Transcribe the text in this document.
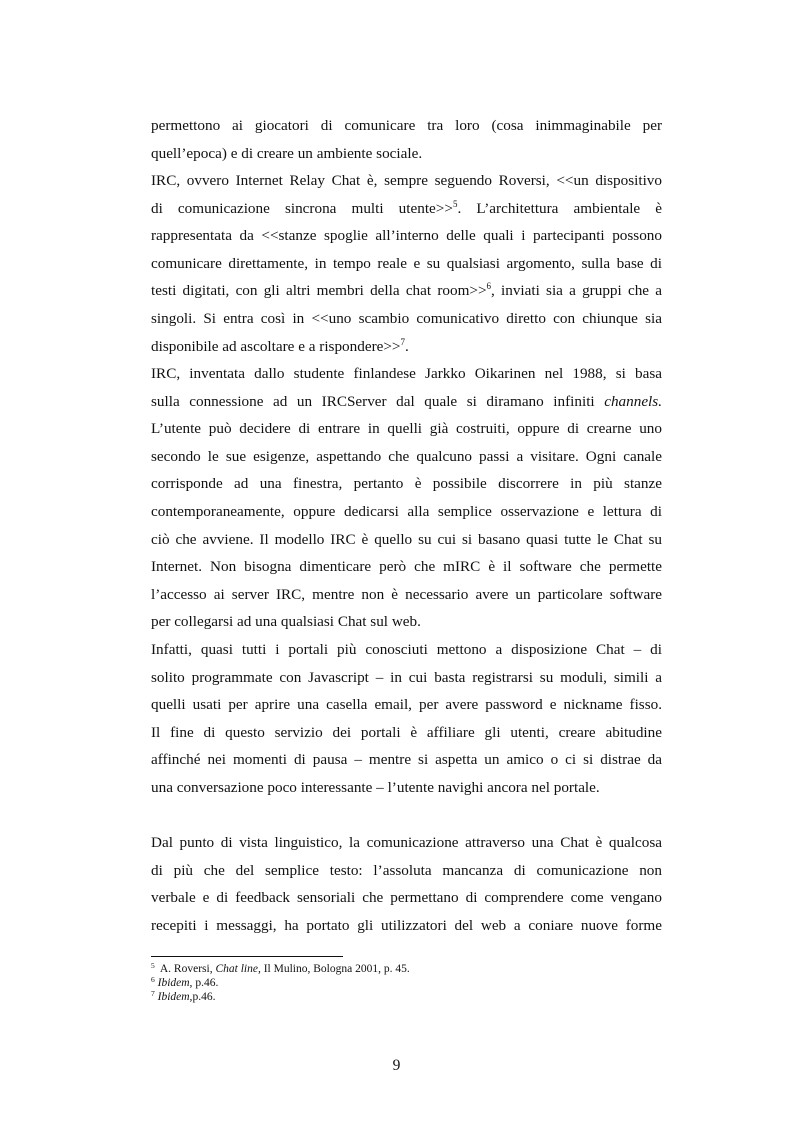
permettono ai giocatori di comunicare tra loro (cosa inimmaginabile per
quell’epoca) e di creare un ambiente sociale.

IRC, ovvero Internet Relay Chat è, sempre seguendo Roversi, <<un dispositivo
di comunicazione sincrona multi utente>>$^5$. L’architettura ambientale è
rappresentata da <<stanze spoglie all’interno delle quali i partecipanti possono
comunicare direttamente, in tempo reale e su qualsiasi argomento, sulla base di
testi digitati, con gli altri membri della chat room>>$^6$, inviati sia a gruppi che a
singoli. Si entra così in <<uno scambio comunicativo diretto con chiunque sia
disponibile ad ascoltare e a rispondere>>$^7$.

IRC, inventata dallo studente finlandese Jarkko Oikarinen nel 1988, si basa
sulla connessione ad un IRCServer dal quale si diramano infiniti channels.
L’utente può decidere di entrare in quelli già costruiti, oppure di crearne uno
secondo le sue esigenze, aspettando che qualcuno passi a visitare. Ogni canale
corrisponde ad una finestra, pertanto è possibile discorrere in più stanze
contemporaneamente, oppure dedicarsi alla semplice osservazione e lettura di
ciò che avviene. Il modello IRC è quello su cui si basano quasi tutte le Chat su
Internet. Non bisogna dimenticare però che mIRC è il software che permette
l’accesso ai server IRC, mentre non è necessario avere un particolare software
per collegarsi ad una qualsiasi Chat sul web.

Infatti, quasi tutti i portali più conosciuti mettono a disposizione Chat – di
solito programmate con Javascript – in cui basta registrarsi su moduli, simili a
quelli usati per aprire una casella email, per avere password e nickname fisso.
Il fine di questo servizio dei portali è affiliare gli utenti, creare abitudine
affinché nei momenti di pausa – mentre si aspetta un amico o ci si distrae da
una conversazione poco interessante – l’utente navighi ancora nel portale.

Dal punto di vista linguistico, la comunicazione attraverso una Chat è qualcosa
di più che del semplice testo: l’assoluta mancanza di comunicazione non
verbale e di feedback sensoriali che permettano di comprendere come vengano
recepiti i messaggi, ha portato gli utilizzatori del web a coniare nuove forme

$^5$ A. Roversi, Chat line, Il Mulino, Bologna 2001, p. 45.

$^6$ Ibidem, p.46.

$^7$ Ibidem,p.46.

9
